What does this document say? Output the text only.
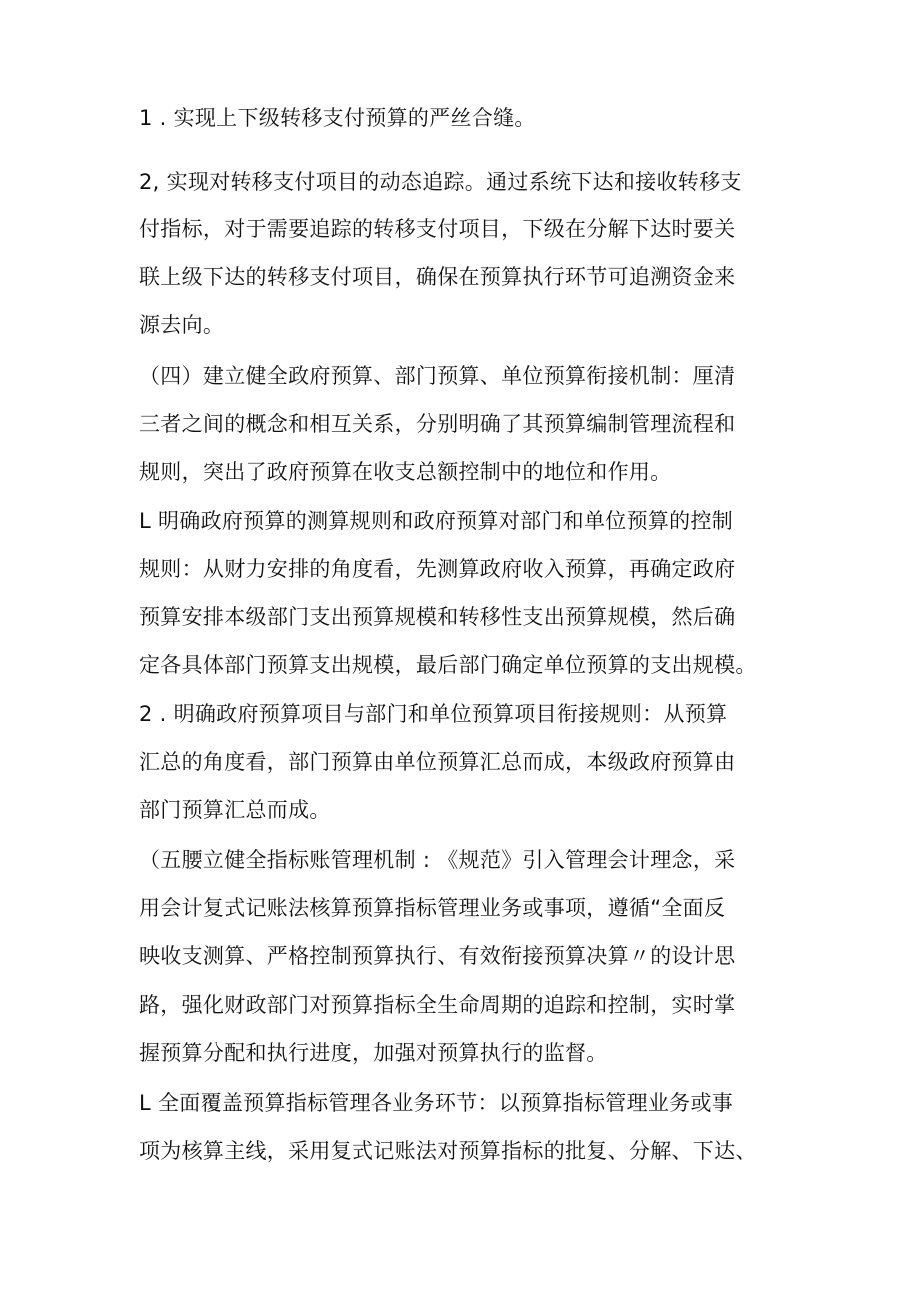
1 . 实现上下级转移支付预算的严丝合缝。
2, 实现对转移支付项目的动态追踪。通过系统下达和接收转移支
付指标，对于需要追踪的转移支付项目，下级在分解下达时要关
联上级下达的转移支付项目，确保在预算执行环节可追溯资金来
源去向。
（四）建立健全政府预算、部门预算、单位预算衔接机制：厘清
三者之间的概念和相互关系，分别明确了其预算编制管理流程和
规则，突出了政府预算在收支总额控制中的地位和作用。
L 明确政府预算的测算规则和政府预算对部门和单位预算的控制
规则：从财力安排的角度看，先测算政府收入预算，再确定政府
预算安排本级部门支出预算规模和转移性支出预算规模，然后确
定各具体部门预算支出规模，最后部门确定单位预算的支出规模。
2 . 明确政府预算项目与部门和单位预算项目衔接规则：从预算
汇总的角度看，部门预算由单位预算汇总而成，本级政府预算由
部门预算汇总而成。
（五腰立健全指标账管理机制 : 《规范》引入管理会计理念，采
用会计复式记账法核算预算指标管理业务或事项，遵循“全面反
映收支测算、严格控制预算执行、有效衔接预算决算〃的设计思
路，强化财政部门对预算指标全生命周期的追踪和控制，实时掌
握预算分配和执行进度，加强对预算执行的监督。
L 全面覆盖预算指标管理各业务环节：以预算指标管理业务或事
项为核算主线，采用复式记账法对预算指标的批复、分解、下达、
